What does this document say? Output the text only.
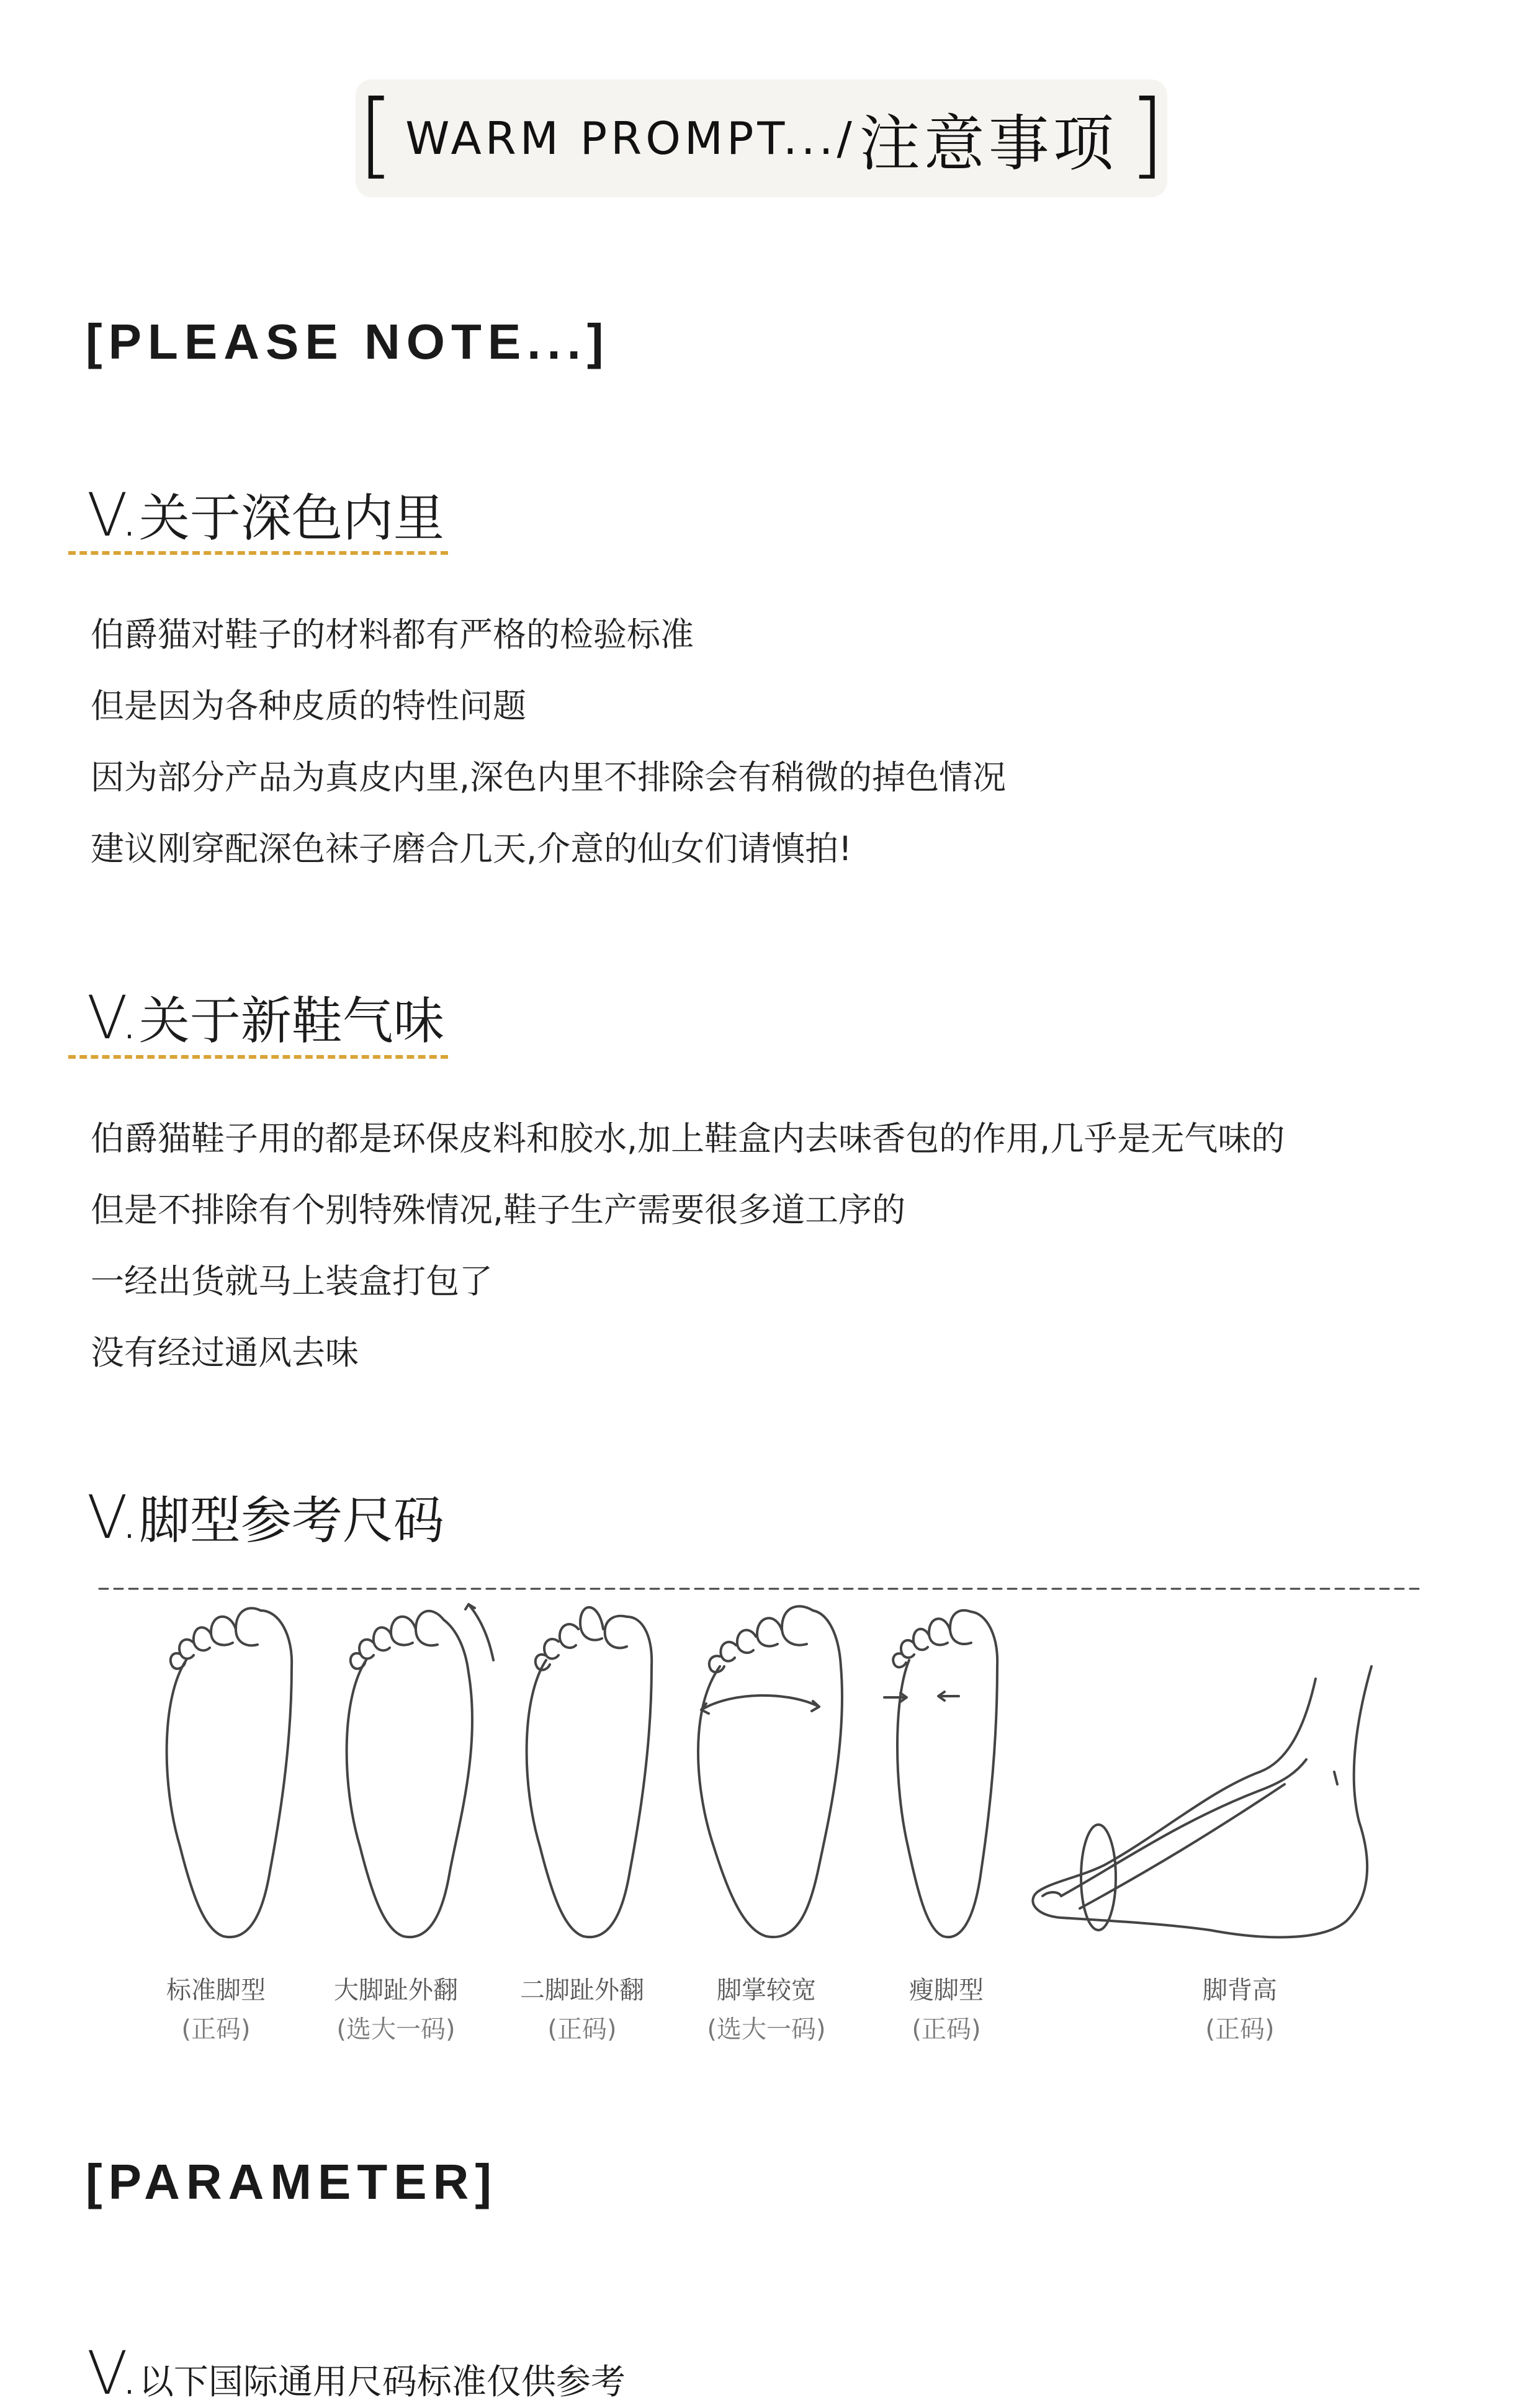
[ WARM PROMPT.../ 注意事项 ]
[PLEASE NOTE...]
V.关于深色内里
伯爵猫对鞋子的材料都有严格的检验标准
但是因为各种皮质的特性问题
因为部分产品为真皮内里,深色内里不排除会有稍微的掉色情况
建议刚穿配深色袜子磨合几天,介意的仙女们请慎拍!
V.关于新鞋气味
伯爵猫鞋子用的都是环保皮料和胶水,加上鞋盒内去味香包的作用,几乎是无气味的
但是不排除有个别特殊情况,鞋子生产需要很多道工序的
一经出货就马上装盒打包了
没有经过通风去味
V.脚型参考尺码
标准脚型
(正码)
大脚趾外翻
(选大一码)
二脚趾外翻
(正码)
脚掌较宽
(选大一码)
瘦脚型
(正码)
脚背高
(正码)
[PARAMETER]
V.以下国际通用尺码标准仅供参考
